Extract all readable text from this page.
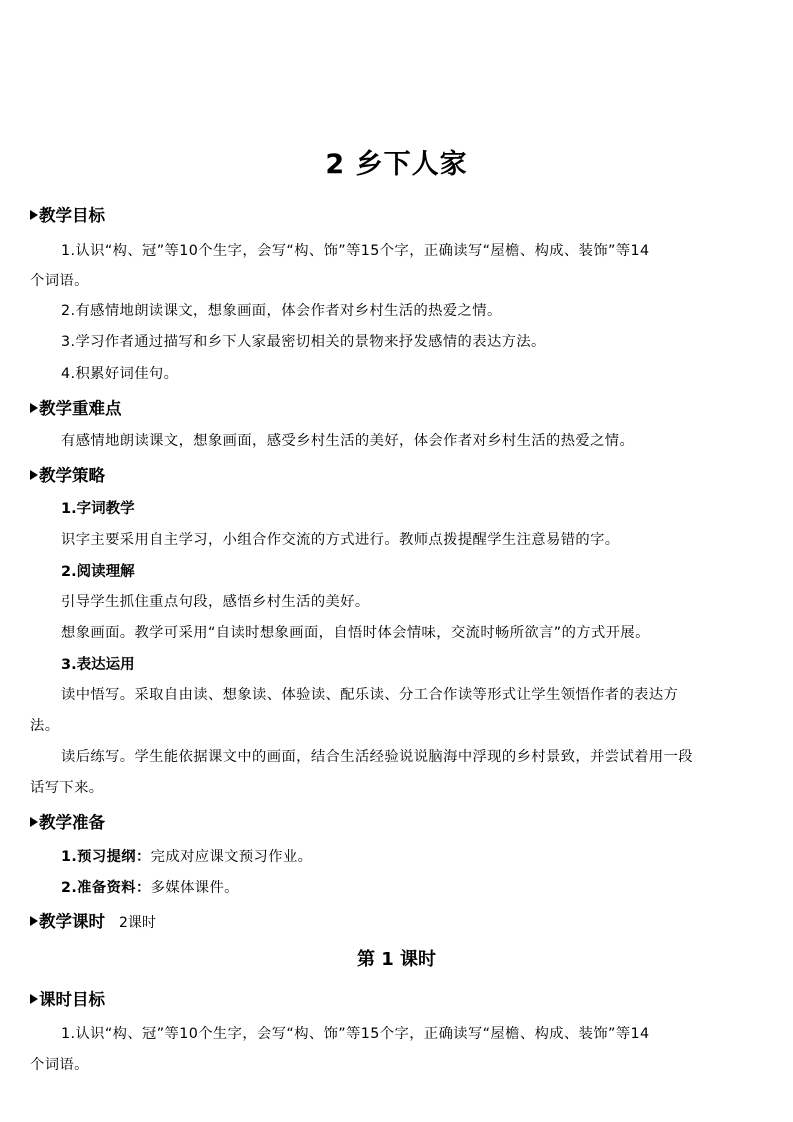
2 乡下人家
教学目标
1.认识“构、冠”等10个生字，会写“构、饰”等15个字，正确读写“屋檐、构成、装饰”等14
个词语。
2.有感情地朗读课文，想象画面，体会作者对乡村生活的热爱之情。
3.学习作者通过描写和乡下人家最密切相关的景物来抒发感情的表达方法。
4.积累好词佳句。
教学重难点
有感情地朗读课文，想象画面，感受乡村生活的美好，体会作者对乡村生活的热爱之情。
教学策略
1.字词教学
识字主要采用自主学习，小组合作交流的方式进行。教师点拨提醒学生注意易错的字。
2.阅读理解
引导学生抓住重点句段，感悟乡村生活的美好。
想象画面。教学可采用“自读时想象画面，自悟时体会情味，交流时畅所欲言”的方式开展。
3.表达运用
读中悟写。采取自由读、想象读、体验读、配乐读、分工合作读等形式让学生领悟作者的表达方
法。
读后练写。学生能依据课文中的画面，结合生活经验说说脑海中浮现的乡村景致，并尝试着用一段
话写下来。
教学准备
1.预习提纲：完成对应课文预习作业。
2.准备资料：多媒体课件。
教学课时 2课时
第 1 课时
课时目标
1.认识“构、冠”等10个生字，会写“构、饰”等15个字，正确读写“屋檐、构成、装饰”等14
个词语。
